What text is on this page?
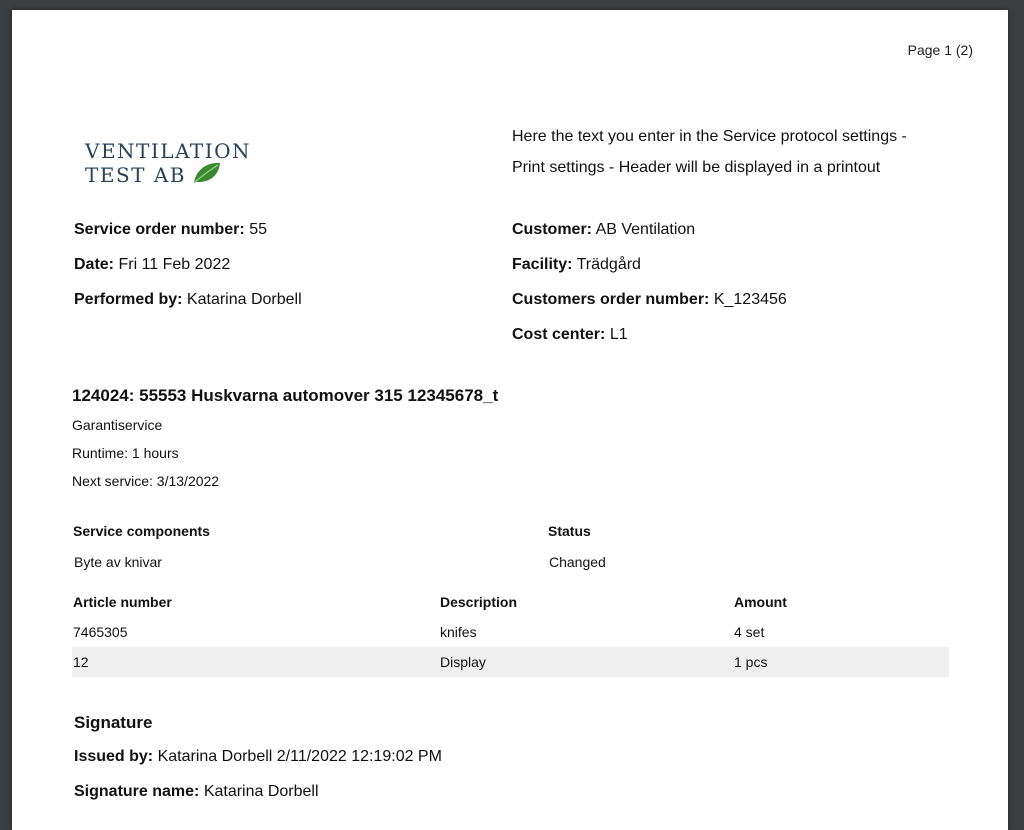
Page 1 (2)
VENTILATION
TEST AB
Here the text you enter in the Service protocol settings - Print settings - Header will be displayed in a printout
Service order number: 55
Date: Fri 11 Feb 2022
Performed by: Katarina Dorbell
Customer: AB Ventilation
Facility: Trädgård
Customers order number: K_123456
Cost center: L1
124024: 55553 Huskvarna automover 315 12345678_t
Garantiservice
Runtime: 1 hours
Next service: 3/13/2022
Service components	Status
Byte av knivar	Changed
Article number	Description	Amount
7465305	knifes	4 set
12	Display	1 pcs
Signature
Issued by: Katarina Dorbell 2/11/2022 12:19:02 PM
Signature name: Katarina Dorbell
